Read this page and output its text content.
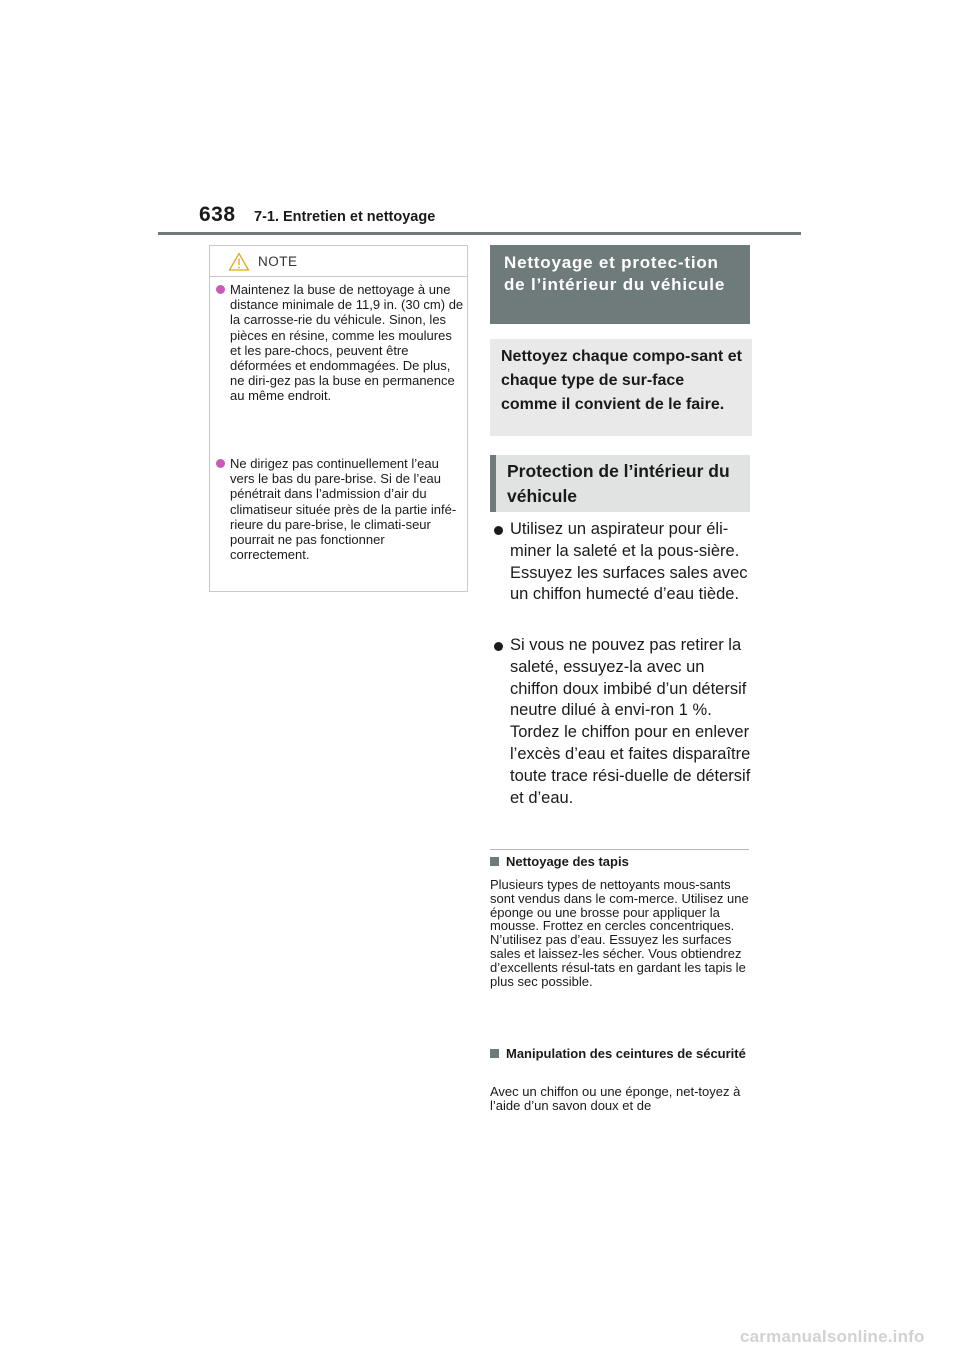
638 7-1. Entretien et nettoyage
NOTE
Maintenez la buse de nettoyage à une distance minimale de 11,9 in. (30 cm) de la carrosse-rie du véhicule. Sinon, les pièces en résine, comme les moulures et les pare-chocs, peuvent être déformées et endommagées. De plus, ne diri-gez pas la buse en permanence au même endroit.
Ne dirigez pas continuellement l’eau vers le bas du pare-brise. Si de l’eau pénétrait dans l’admission d’air du climatiseur située près de la partie infé-rieure du pare-brise, le climati-seur pourrait ne pas fonctionner correctement.
Nettoyage et protec-tion de l’intérieur du véhicule
Nettoyez chaque compo-sant et chaque type de sur-face comme il convient de le faire.
Protection de l’intérieur du véhicule
Utilisez un aspirateur pour éli-miner la saleté et la pous-sière. Essuyez les surfaces sales avec un chiffon humecté d’eau tiède.
Si vous ne pouvez pas retirer la saleté, essuyez-la avec un chiffon doux imbibé d’un détersif neutre dilué à envi-ron 1 %. Tordez le chiffon pour en enlever l’excès d’eau et faites disparaître toute trace rési-duelle de détersif et d’eau.
Nettoyage des tapis
Plusieurs types de nettoyants mous-sants sont vendus dans le com-merce. Utilisez une éponge ou une brosse pour appliquer la mousse. Frottez en cercles concentriques. N’utilisez pas d’eau. Essuyez les surfaces sales et laissez-les sécher. Vous obtiendrez d’excellents résul-tats en gardant les tapis le plus sec possible.
Manipulation des ceintures de sécurité
Avec un chiffon ou une éponge, net-toyez à l’aide d’un savon doux et de
carmanualsonline.info
